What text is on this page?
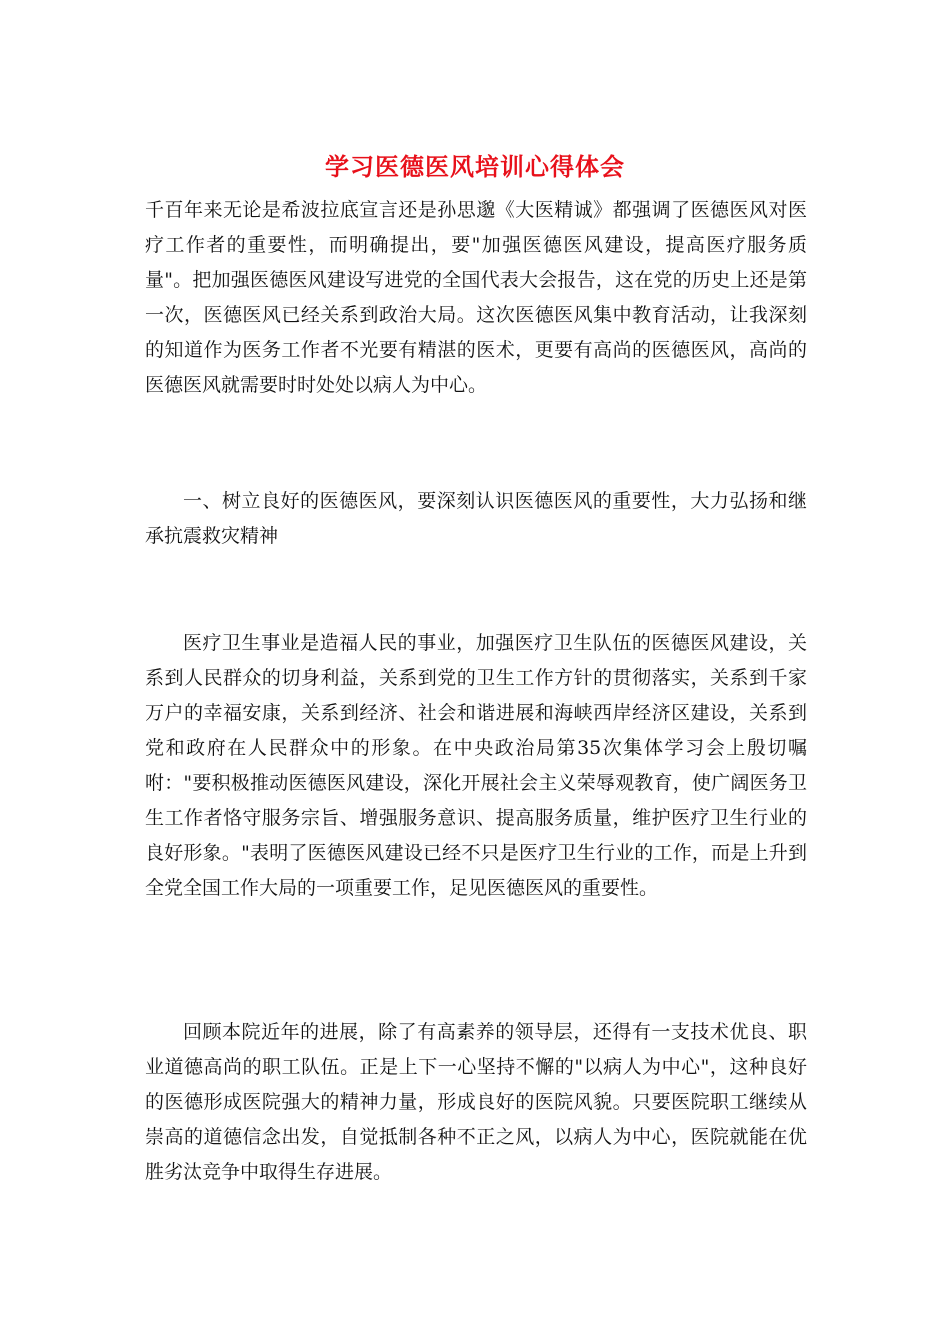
学习医德医风培训心得体会

千百年来无论是希波拉底宣言还是孙思邈《大医精诚》都强调了医德医风对医疗工作者的重要性，而明确提出，要"加强医德医风建设，提高医疗服务质量"。把加强医德医风建设写进党的全国代表大会报告，这在党的历史上还是第一次，医德医风已经关系到政治大局。这次医德医风集中教育活动，让我深刻的知道作为医务工作者不光要有精湛的医术，更要有高尚的医德医风，高尚的医德医风就需要时时处处以病人为中心。

一、树立良好的医德医风，要深刻认识医德医风的重要性，大力弘扬和继承抗震救灾精神

医疗卫生事业是造福人民的事业，加强医疗卫生队伍的医德医风建设，关系到人民群众的切身利益，关系到党的卫生工作方针的贯彻落实，关系到千家万户的幸福安康，关系到经济、社会和谐进展和海峡西岸经济区建设，关系到党和政府在人民群众中的形象。在中央政治局第35次集体学习会上殷切嘱咐："要积极推动医德医风建设，深化开展社会主义荣辱观教育，使广阔医务卫生工作者恪守服务宗旨、增强服务意识、提高服务质量，维护医疗卫生行业的良好形象。"表明了医德医风建设已经不只是医疗卫生行业的工作，而是上升到全党全国工作大局的一项重要工作，足见医德医风的重要性。

回顾本院近年的进展，除了有高素养的领导层，还得有一支技术优良、职业道德高尚的职工队伍。正是上下一心坚持不懈的"以病人为中心"，这种良好的医德形成医院强大的精神力量，形成良好的医院风貌。只要医院职工继续从崇高的道德信念出发，自觉抵制各种不正之风，以病人为中心，医院就能在优胜劣汰竞争中取得生存进展。
